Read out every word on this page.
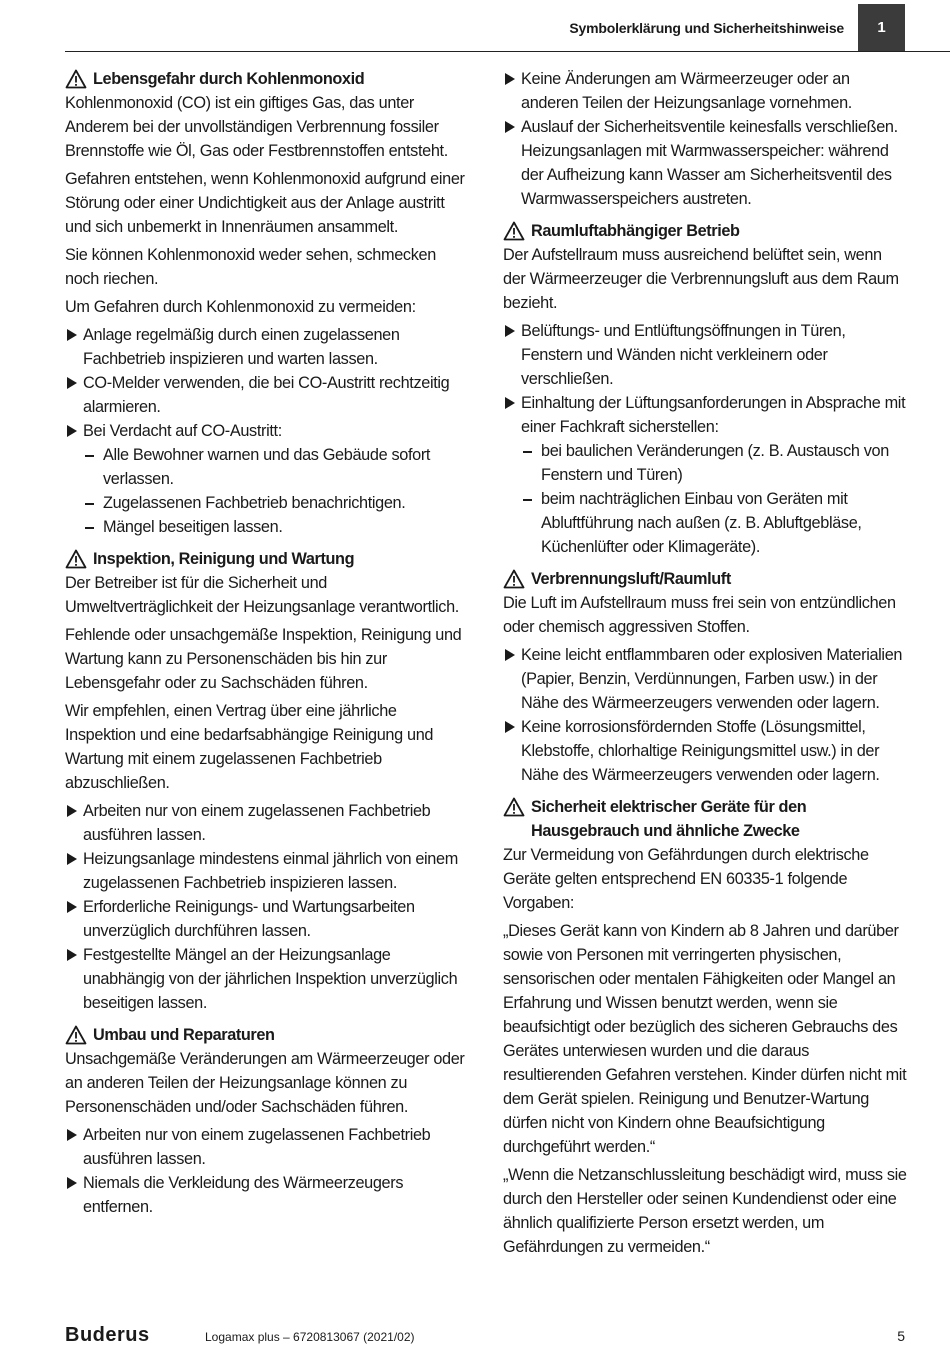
Symbolerklärung und Sicherheitshinweise	1
Lebensgefahr durch Kohlenmonoxid

Kohlenmonoxid (CO) ist ein giftiges Gas, das unter Anderem bei der unvollständigen Verbrennung fossiler Brennstoffe wie Öl, Gas oder Festbrennstoffen entsteht.

Gefahren entstehen, wenn Kohlenmonoxid aufgrund einer Störung oder einer Undichtigkeit aus der Anlage austritt und sich unbemerkt in Innenräumen ansammelt.

Sie können Kohlenmonoxid weder sehen, schmecken noch riechen.

Um Gefahren durch Kohlenmonoxid zu vermeiden:

Anlage regelmäßig durch einen zugelassenen Fachbetrieb inspizieren und warten lassen.
CO-Melder verwenden, die bei CO-Austritt rechtzeitig alarmieren.
Bei Verdacht auf CO-Austritt:
Alle Bewohner warnen und das Gebäude sofort verlassen.
Zugelassenen Fachbetrieb benachrichtigen.
Mängel beseitigen lassen.
Inspektion, Reinigung und Wartung

Der Betreiber ist für die Sicherheit und Umweltverträglichkeit der Heizungsanlage verantwortlich.

Fehlende oder unsachgemäße Inspektion, Reinigung und Wartung kann zu Personenschäden bis hin zur Lebensgefahr oder zu Sachschäden führen.

Wir empfehlen, einen Vertrag über eine jährliche Inspektion und eine bedarfsabhängige Reinigung und Wartung mit einem zugelassenen Fachbetrieb abzuschließen.

Arbeiten nur von einem zugelassenen Fachbetrieb ausführen lassen.
Heizungsanlage mindestens einmal jährlich von einem zugelassenen Fachbetrieb inspizieren lassen.
Erforderliche Reinigungs- und Wartungsarbeiten unverzüglich durchführen lassen.
Festgestellte Mängel an der Heizungsanlage unabhängig von der jährlichen Inspektion unverzüglich beseitigen lassen.
Umbau und Reparaturen

Unsachgemäße Veränderungen am Wärmeerzeuger oder an anderen Teilen der Heizungsanlage können zu Personenschäden und/oder Sachschäden führen.

Arbeiten nur von einem zugelassenen Fachbetrieb ausführen lassen.
Niemals die Verkleidung des Wärmeerzeugers entfernen.
Keine Änderungen am Wärmeerzeuger oder an anderen Teilen der Heizungsanlage vornehmen.
Auslauf der Sicherheitsventile keinesfalls verschließen. Heizungsanlagen mit Warmwasserspeicher: während der Aufheizung kann Wasser am Sicherheitsventil des Warmwasserspeichers austreten.
Raumluftabhängiger Betrieb

Der Aufstellraum muss ausreichend belüftet sein, wenn der Wärmeerzeuger die Verbrennungsluft aus dem Raum bezieht.

Belüftungs- und Entlüftungsöffnungen in Türen, Fenstern und Wänden nicht verkleinern oder verschließen.
Einhaltung der Lüftungsanforderungen in Absprache mit einer Fachkraft sicherstellen:
bei baulichen Veränderungen (z. B. Austausch von Fenstern und Türen)
beim nachträglichen Einbau von Geräten mit Abluftführung nach außen (z. B. Abluftgebläse, Küchenlüfter oder Klimageräte).
Verbrennungsluft/Raumluft

Die Luft im Aufstellraum muss frei sein von entzündlichen oder chemisch aggressiven Stoffen.

Keine leicht entflammbaren oder explosiven Materialien (Papier, Benzin, Verdünnungen, Farben usw.) in der Nähe des Wärmeerzeugers verwenden oder lagern.
Keine korrosionsfördernden Stoffe (Lösungsmittel, Klebstoffe, chlorhaltige Reinigungsmittel usw.) in der Nähe des Wärmeerzeugers verwenden oder lagern.
Sicherheit elektrischer Geräte für den Hausgebrauch und ähnliche Zwecke

Zur Vermeidung von Gefährdungen durch elektrische Geräte gelten entsprechend EN 60335-1 folgende Vorgaben:

„Dieses Gerät kann von Kindern ab 8 Jahren und darüber sowie von Personen mit verringerten physischen, sensorischen oder mentalen Fähigkeiten oder Mangel an Erfahrung und Wissen benutzt werden, wenn sie beaufsichtigt oder bezüglich des sicheren Gebrauchs des Gerätes unterwiesen wurden und die daraus resultierenden Gefahren verstehen. Kinder dürfen nicht mit dem Gerät spielen. Reinigung und Benutzer-Wartung dürfen nicht von Kindern ohne Beaufsichtigung durchgeführt werden.“

„Wenn die Netzanschlussleitung beschädigt wird, muss sie durch den Hersteller oder seinen Kundendienst oder eine ähnlich qualifizierte Person ersetzt werden, um Gefährdungen zu vermeiden.“

Buderus	Logamax plus – 6720813067 (2021/02)	5
